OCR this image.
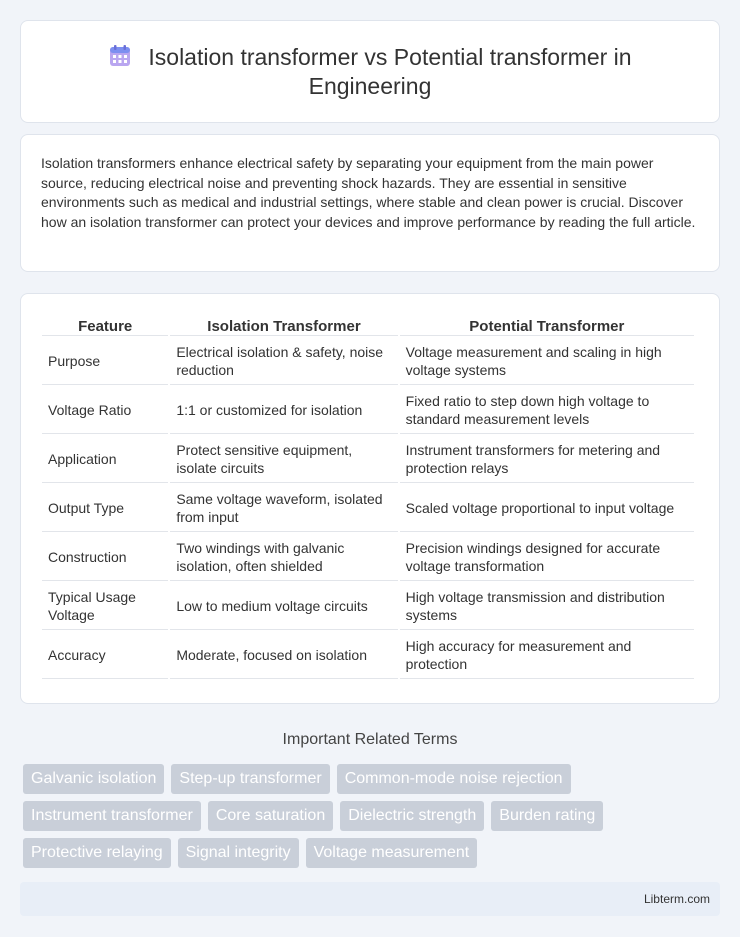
Isolation transformer vs Potential transformer in Engineering

Isolation transformers enhance electrical safety by separating your equipment from the main power source, reducing electrical noise and preventing shock hazards. They are essential in sensitive environments such as medical and industrial settings, where stable and clean power is crucial. Discover how an isolation transformer can protect your devices and improve performance by reading the full article.

Feature	Isolation Transformer	Potential Transformer
Purpose	Electrical isolation & safety, noise reduction	Voltage measurement and scaling in high voltage systems
Voltage Ratio	1:1 or customized for isolation	Fixed ratio to step down high voltage to standard measurement levels
Application	Protect sensitive equipment, isolate circuits	Instrument transformers for metering and protection relays
Output Type	Same voltage waveform, isolated from input	Scaled voltage proportional to input voltage
Construction	Two windings with galvanic isolation, often shielded	Precision windings designed for accurate voltage transformation
Typical Usage Voltage	Low to medium voltage circuits	High voltage transmission and distribution systems
Accuracy	Moderate, focused on isolation	High accuracy for measurement and protection
Important Related Terms
Galvanic isolation	Step-up transformer	Common-mode noise rejection
Instrument transformer	Core saturation	Dielectric strength	Burden rating
Protective relaying	Signal integrity	Voltage measurement
Libterm.com
